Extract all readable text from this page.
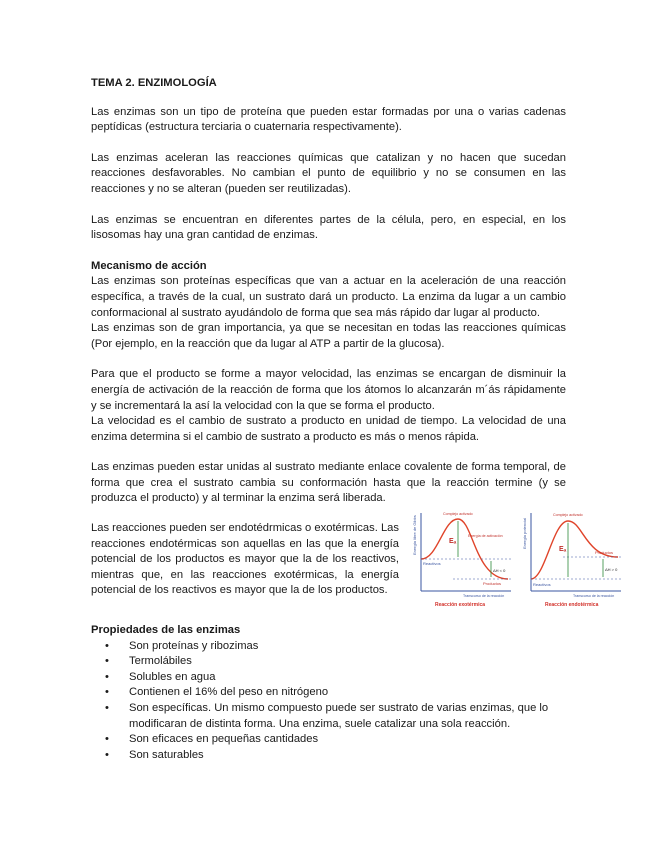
TEMA 2. ENZIMOLOGÍA

Las enzimas son un tipo de proteína que pueden estar formadas por una o varias cadenas peptídicas (estructura terciaria o cuaternaria respectivamente).

Las enzimas aceleran las reacciones químicas que catalizan y no hacen que sucedan reacciones desfavorables. No cambian el punto de equilibrio y no se consumen en las reacciones y no se alteran (pueden ser reutilizadas).

Las enzimas se encuentran en diferentes partes de la célula, pero, en especial, en los lisosomas hay una gran cantidad de enzimas.

Mecanismo de acción

Las enzimas son proteínas específicas que van a actuar en la aceleración de una reacción específica, a través de la cual, un sustrato dará un producto. La enzima da lugar a un cambio conformacional al sustrato ayudándolo de forma que sea más rápido dar lugar al producto.

Las enzimas son de gran importancia, ya que se necesitan en todas las reacciones químicas (Por ejemplo, en la reacción que da lugar al ATP a partir de la glucosa).

Para que el producto se forme a mayor velocidad, las enzimas se encargan de disminuir la energía de activación de la reacción de forma que los átomos lo alcanzarán m´ás rápidamente y se incrementará la así la velocidad con la que se forma el producto.

La velocidad es el cambio de sustrato a producto en unidad de tiempo. La velocidad de una enzima determina si el cambio de sustrato a producto es más o menos rápida.

Las enzimas pueden estar unidas al sustrato mediante enlace covalente de forma temporal, de forma que crea el sustrato cambia su conformación hasta que la reacción termine (y se produzca el producto) y al terminar la enzima será liberada.

Las reacciones pueden ser endotédrmicas o exotérmicas. Las reacciones endotérmicas son aquellas en las que la energía potencial de los productos es mayor que la de los reactivos, mientras que, en las reacciones exotérmicas, la energía potencial de los reactivos es mayor que la de los productos.

Energía libre de Gibbs
Complejo activado
Eₐ
Energía de activación
Reactivos
Productos
ΔH < 0
Transcurso de la reacción
Reacción exotérmica
Energía potencial
Complejo activado
Eₐ
Reactivos
Productos
ΔH > 0
Transcurso de la reacción
Reacción endotérmica
Propiedades de las enzimas
• Son proteínas y ribozimas
• Termolábiles
• Solubles en agua
• Contienen el 16% del peso en nitrógeno
• Son específicas. Un mismo compuesto puede ser sustrato de varias enzimas, que lo modificaran de distinta forma. Una enzima, suele catalizar una sola reacción.
• Son eficaces en pequeñas cantidades
• Son saturables
